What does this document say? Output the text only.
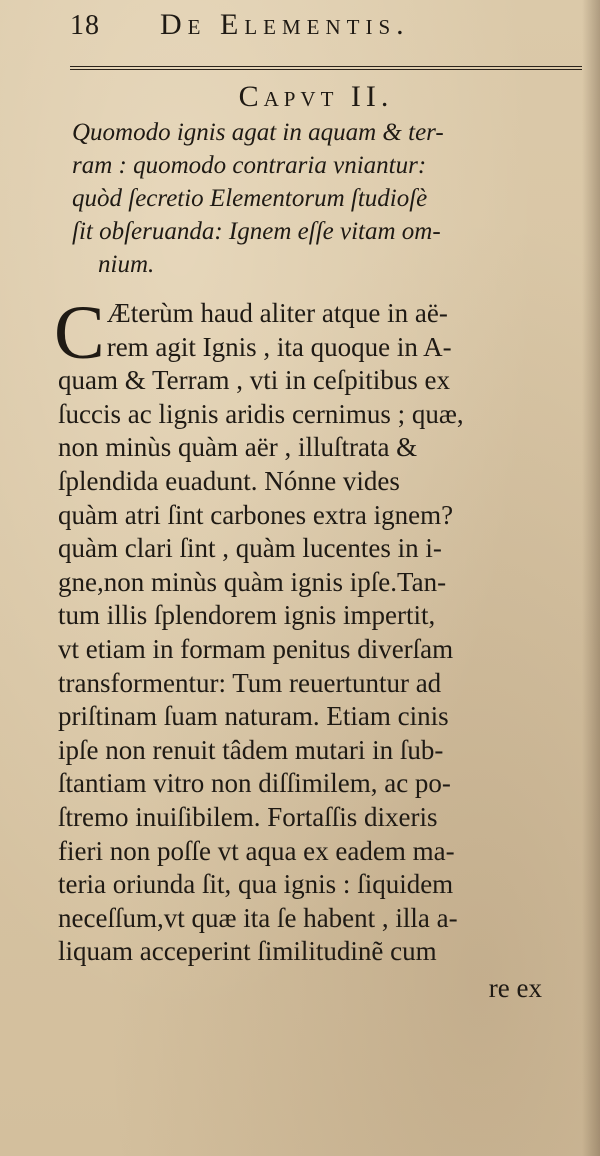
18 De Elementis.
Capvt II.
Quomodo ignis agat in aquam & ter-
ram : quomodo contraria vniantur:
quòd ſecretio Elementorum ſtudioſè
ſit obſeruanda: Ignem eſſe vitam om-
nium.
C Æterùm haud aliter atque in aë-
rem agit Ignis , ita quoque in A-
quam & Terram , vti in ceſpitibus ex
ſuccis ac lignis aridis cernimus ; quæ,
non minùs quàm aër , illuſtrata &
ſplendida euadunt. Nónne vides
quàm atri ſint carbones extra ignem?
quàm clari ſint , quàm lucentes in i-
gne,non minùs quàm ignis ipſe.Tan-
tum illis ſplendorem ignis impertit,
vt etiam in formam penitus diverſam
transformentur: Tum reuertuntur ad
priſtinam ſuam naturam. Etiam cinis
ipſe non renuit tâdem mutari in ſub-
ſtantiam vitro non diſſimilem, ac po-
ſtremo inuiſibilem. Fortaſſis dixeris
fieri non poſſe vt aqua ex eadem ma-
teria oriunda ſit, qua ignis : ſiquidem
neceſſum,vt quæ ita ſe habent , illa a-
liquam acceperint ſimilitudinẽ cum
re ex
